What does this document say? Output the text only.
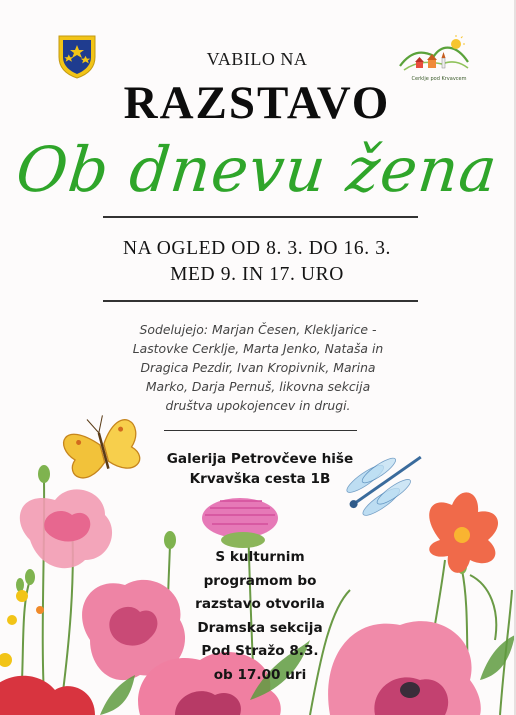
Cerklje pod Krvavcem
VABILO NA
RAZSTAVO
Ob dnevu žena
NA OGLED OD 8. 3. DO 16. 3.
MED 9. IN 17. URO
Sodelujejo: Marjan Česen, Klekljarice -
Lastovke Cerklje, Marta Jenko, Nataša in
Dragica Pezdir, Ivan Kropivnik, Marina
Marko, Darja Pernuš, likovna sekcija
društva upokojencev in drugi.
Galerija Petrovčeve hiše
Krvavška cesta 1B
S kulturnim
programom bo
razstavo otvorila
Dramska sekcija
Pod Stražo 8.3.
ob 17.00 uri
